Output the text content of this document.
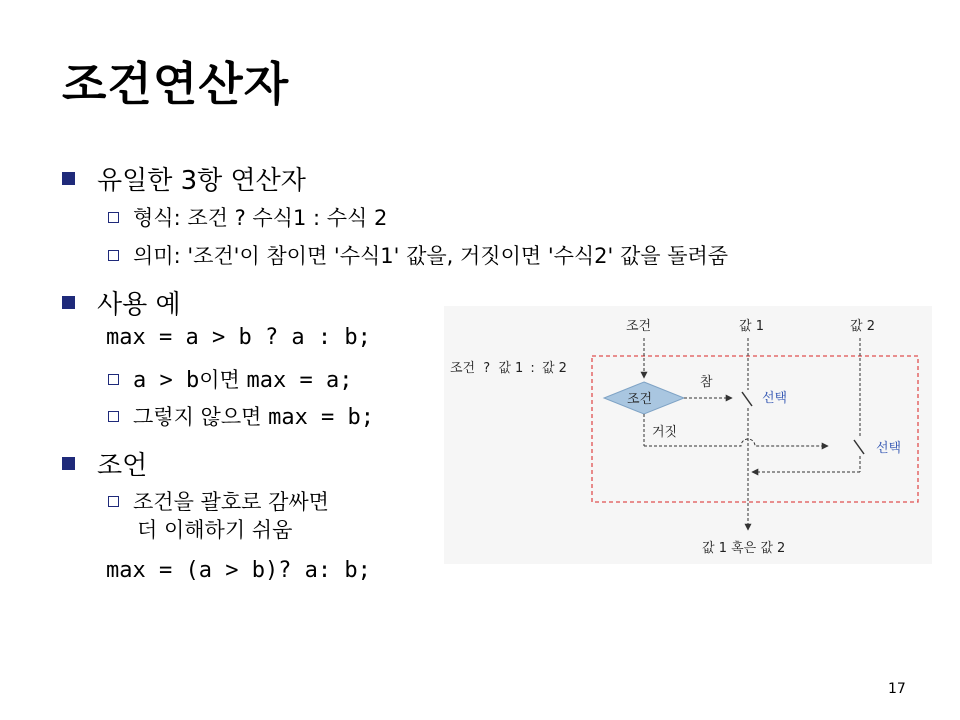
조건연산자
유일한 3항 연산자
형식: 조건 ? 수식1 : 수식 2
의미: '조건'이 참이면 '수식1' 값을, 거짓이면 '수식2' 값을 돌려줌
사용 예
max = a > b ? a : b;
a > b이면 max = a;
그렇지 않으면 max = b;
조언
조건을 괄호로 감싸면
더 이해하기 쉬움
max = (a > b)? a: b;
조건	값 1	값 2
조건 ? 값 1 : 값 2
조건
참
선택
거짓
선택
값 1 혹은 값 2
17
